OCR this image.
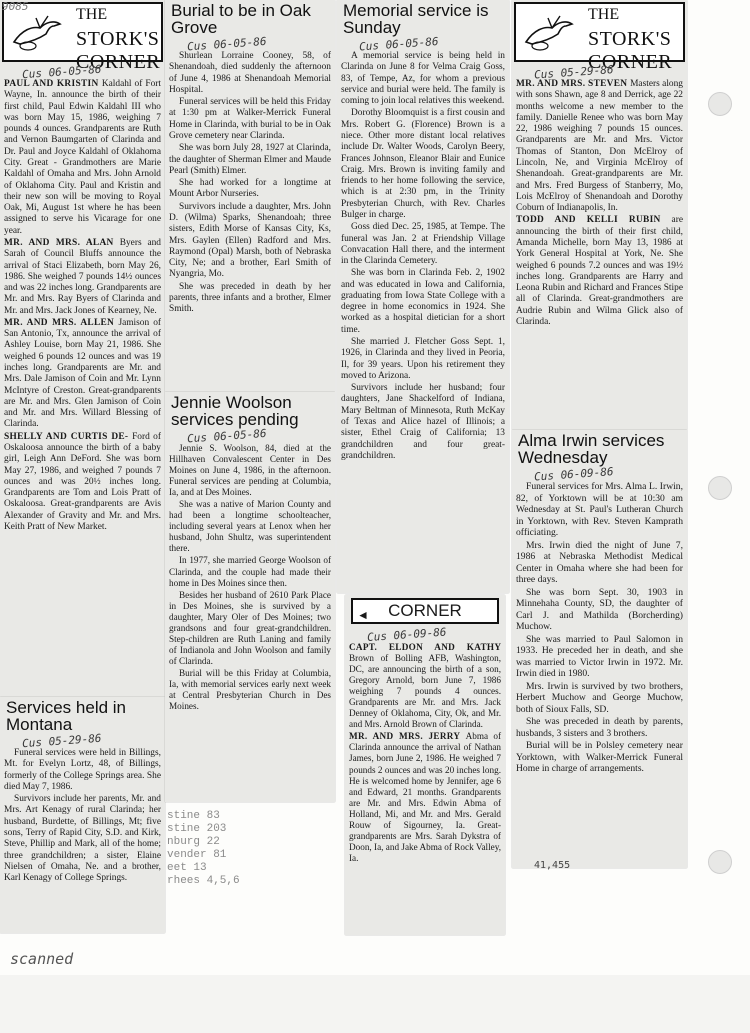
THE
STORK'S CORNER
Cus 06-05-86

PAUL AND KRISTIN Kaldahl of Fort Wayne, In. announce the birth of their first child, Paul Edwin Kaldahl III who was born May 15, 1986, weighing 7 pounds 4 ounces. Grandparents are Ruth and Vernon Baumgarten of Clarinda and Dr. Paul and Joyce Kaldahl of Oklahoma City. Great - Grandmothers are Marie Kaldahl of Omaha and Mrs. John Arnold of Oklahoma City. Paul and Kristin and their new son will be moving to Royal Oak, Mi, August 1st where he has been assigned to serve his Vicarage for one year.

MR. AND MRS. ALAN Byers and Sarah of Council Bluffs announce the arrival of Staci Elizabeth, born May 26, 1986. She weighed 7 pounds 14½ ounces and was 22 inches long. Grandparents are Mr. and Mrs. Ray Byers of Clarinda and Mr. and Mrs. Jack Jones of Kearney, Ne.

MR. AND MRS. ALLEN Jamison of San Antonio, Tx, announce the arrival of Ashley Louise, born May 21, 1986. She weighed 6 pounds 12 ounces and was 19 inches long. Grandparents are Mr. and Mrs. Dale Jamison of Coin and Mr. Lynn McIntyre of Creston. Great-grandparents are Mr. and Mrs. Glen Jamison of Coin and Mr. and Mrs. Willard Blessing of Clarinda.

SHELLY AND CURTIS DE- Ford of Oskaloosa announce the birth of a baby girl, Leigh Ann DeFord. She was born May 27, 1986, and weighed 7 pounds 7 ounces and was 20½ inches long. Grandparents are Tom and Lois Pratt of Oskaloosa. Great-grandparents are Avis Alexander of Gravity and Mr. and Mrs. Keith Pratt of New Market.

Services held in Montana

Cus 05-29-86

Funeral services were held in Billings, Mt. for Evelyn Lortz, 48, of Billings, formerly of the College Springs area. She died May 7, 1986.

Survivors include her parents, Mr. and Mrs. Art Kenagy of rural Clarinda; her husband, Burdette, of Billings, Mt; five sons, Terry of Rapid City, S.D. and Kirk, Steve, Phillip and Mark, all of the home; three grandchildren; a sister, Elaine Nielsen of Omaha, Ne. and a brother, Karl Kenagy of College Springs.

Burial to be in Oak Grove

Cus 06-05-86

Shurlean Lorraine Cooney, 58, of Shenandoah, died suddenly the afternoon of June 4, 1986 at Shenandoah Memorial Hospital.

Funeral services will be held this Friday at 1:30 pm at Walker-Merrick Funeral Home in Clarinda, with burial to be in Oak Grove cemetery near Clarinda.

She was born July 28, 1927 at Clarinda, the daughter of Sherman Elmer and Maude Pearl (Smith) Elmer.

She had worked for a longtime at Mount Arbor Nurseries.

Survivors include a daughter, Mrs. John D. (Wilma) Sparks, Shenandoah; three sisters, Edith Morse of Kansas City, Ks, Mrs. Gaylen (Ellen) Radford and Mrs. Raymond (Opal) Marsh, both of Nebraska City, Ne; and a brother, Earl Smith of Nyangria, Mo.

She was preceded in death by her parents, three infants and a brother, Elmer Smith.

Jennie Woolson services pending

Cus 06-05-86

Jennie S. Woolson, 84, died at the Hillhaven Convalescent Center in Des Moines on June 4, 1986, in the afternoon. Funeral services are pending at Columbia, Ia, and at Des Moines.

She was a native of Marion County and had been a longtime schoolteacher, including several years at Lenox when her husband, John Shultz, was superintendent there.

In 1977, she married George Woolson of Clarinda, and the couple had made their home in Des Moines since then.

Besides her husband of 2610 Park Place in Des Moines, she is survived by a daughter, Mary Oler of Des Moines; two grandsons and four great-grandchildren. Step-children are Ruth Laning and family of Indianola and John Woolson and family of Clarinda.

Burial will be this Friday at Columbia, Ia, with memorial services early next week at Central Presbyterian Church in Des Moines.

stine 83
stine 203
nburg 22
vender 81
eet 13
rhees 4,5,6

Memorial service is Sunday

Cus 06-05-86

A memorial service is being held in Clarinda on June 8 for Velma Craig Goss, 83, of Tempe, Az, for whom a previous service and burial were held. The family is coming to join local relatives this weekend.

Dorothy Bloomquist is a first cousin and Mrs. Robert G. (Florence) Brown is a niece. Other more distant local relatives include Dr. Walter Woods, Carolyn Beery, Frances Johnson, Eleanor Blair and Eunice Craig. Mrs. Brown is inviting family and friends to her home following the service, which is at 2:30 pm, in the Trinity Presbyterian Church, with Rev. Charles Bulger in charge.

Goss died Dec. 25, 1985, at Tempe. The funeral was Jan. 2 at Friendship Village Convacation Hall there, and the interment in the Clarinda Cemetery.

She was born in Clarinda Feb. 2, 1902 and was educated in Iowa and California, graduating from Iowa State College with a degree in home economics in 1924. She worked as a hospital dietician for a short time.

She married J. Fletcher Goss Sept. 1, 1926, in Clarinda and they lived in Peoria, Il, for 39 years. Upon his retirement they moved to Arizona.

Survivors include her husband; four daughters, Jane Shackelford of Indiana, Mary Beltman of Minnesota, Ruth McKay of Texas and Alice hazel of Illinois; a sister, Ethel Craig of California; 13 grandchildren and four great-grandchildren.

◄ CORNER
Cus 06-09-86

CAPT. ELDON AND KATHY Brown of Bolling AFB, Washington, DC, are announcing the birth of a son, Gregory Arnold, born June 7, 1986 weighing 7 pounds 4 ounces. Grandparents are Mr. and Mrs. Jack Denney of Oklahoma, City, Ok, and Mr. and Mrs. Arnold Brown of Clarinda.

MR. AND MRS. JERRY Abma of Clarinda announce the arrival of Nathan James, born June 2, 1986. He weighed 7 pounds 2 ounces and was 20 inches long. He is welcomed home by Jennifer, age 6 and Edward, 21 months. Grandparents are Mr. and Mrs. Edwin Abma of Holland, Mi, and Mr. and Mrs. Gerald Rouw of Sigourney, Ia. Great-grandparents are Mrs. Sarah Dykstra of Doon, Ia, and Jake Abma of Rock Valley, Ia.

THE
STORK'S CORNER
Cus 05-29-86

MR. AND MRS. STEVEN Masters along with sons Shawn, age 8 and Derrick, age 22 months welcome a new member to the family. Danielle Renee who was born May 22, 1986 weighing 7 pounds 15 ounces. Grandparents are Mr. and Mrs. Victor Thomas of Stanton, Don McElroy of Lincoln, Ne, and Virginia McElroy of Shenandoah. Great-grandparents are Mr. and Mrs. Fred Burgess of Stanberry, Mo, Lois McElroy of Shenandoah and Dorothy Coburn of Indianapolis, In.

TODD AND KELLI RUBIN are announcing the birth of their first child, Amanda Michelle, born May 13, 1986 at York General Hospital at York, Ne. She weighed 6 pounds 7.2 ounces and was 19½ inches long. Grandparents are Harry and Leona Rubin and Richard and Frances Stipe all of Clarinda. Great-grandmothers are Audrie Rubin and Wilma Glick also of Clarinda.

Alma Irwin services Wednesday

Cus 06-09-86

Funeral services for Mrs. Alma L. Irwin, 82, of Yorktown will be at 10:30 am Wednesday at St. Paul's Lutheran Church in Yorktown, with Rev. Steven Kamprath officiating.

Mrs. Irwin died the night of June 7, 1986 at Nebraska Methodist Medical Center in Omaha where she had been for three days.

She was born Sept. 30, 1903 in Minnehaha County, SD, the daughter of Carl J. and Mathilda (Borcherding) Muchow.

She was married to Paul Salomon in 1933. He preceded her in death, and she was married to Victor Irwin in 1972. Mr. Irwin died in 1980.

Mrs. Irwin is survived by two brothers, Herbert Muchow and George Muchow, both of Sioux Falls, SD.

She was preceded in death by parents, husbands, 3 sisters and 3 brothers.

Burial will be in Polsley cemetery near Yorktown, with Walker-Merrick Funeral Home in charge of arrangements.

41,455
9085
scanned
